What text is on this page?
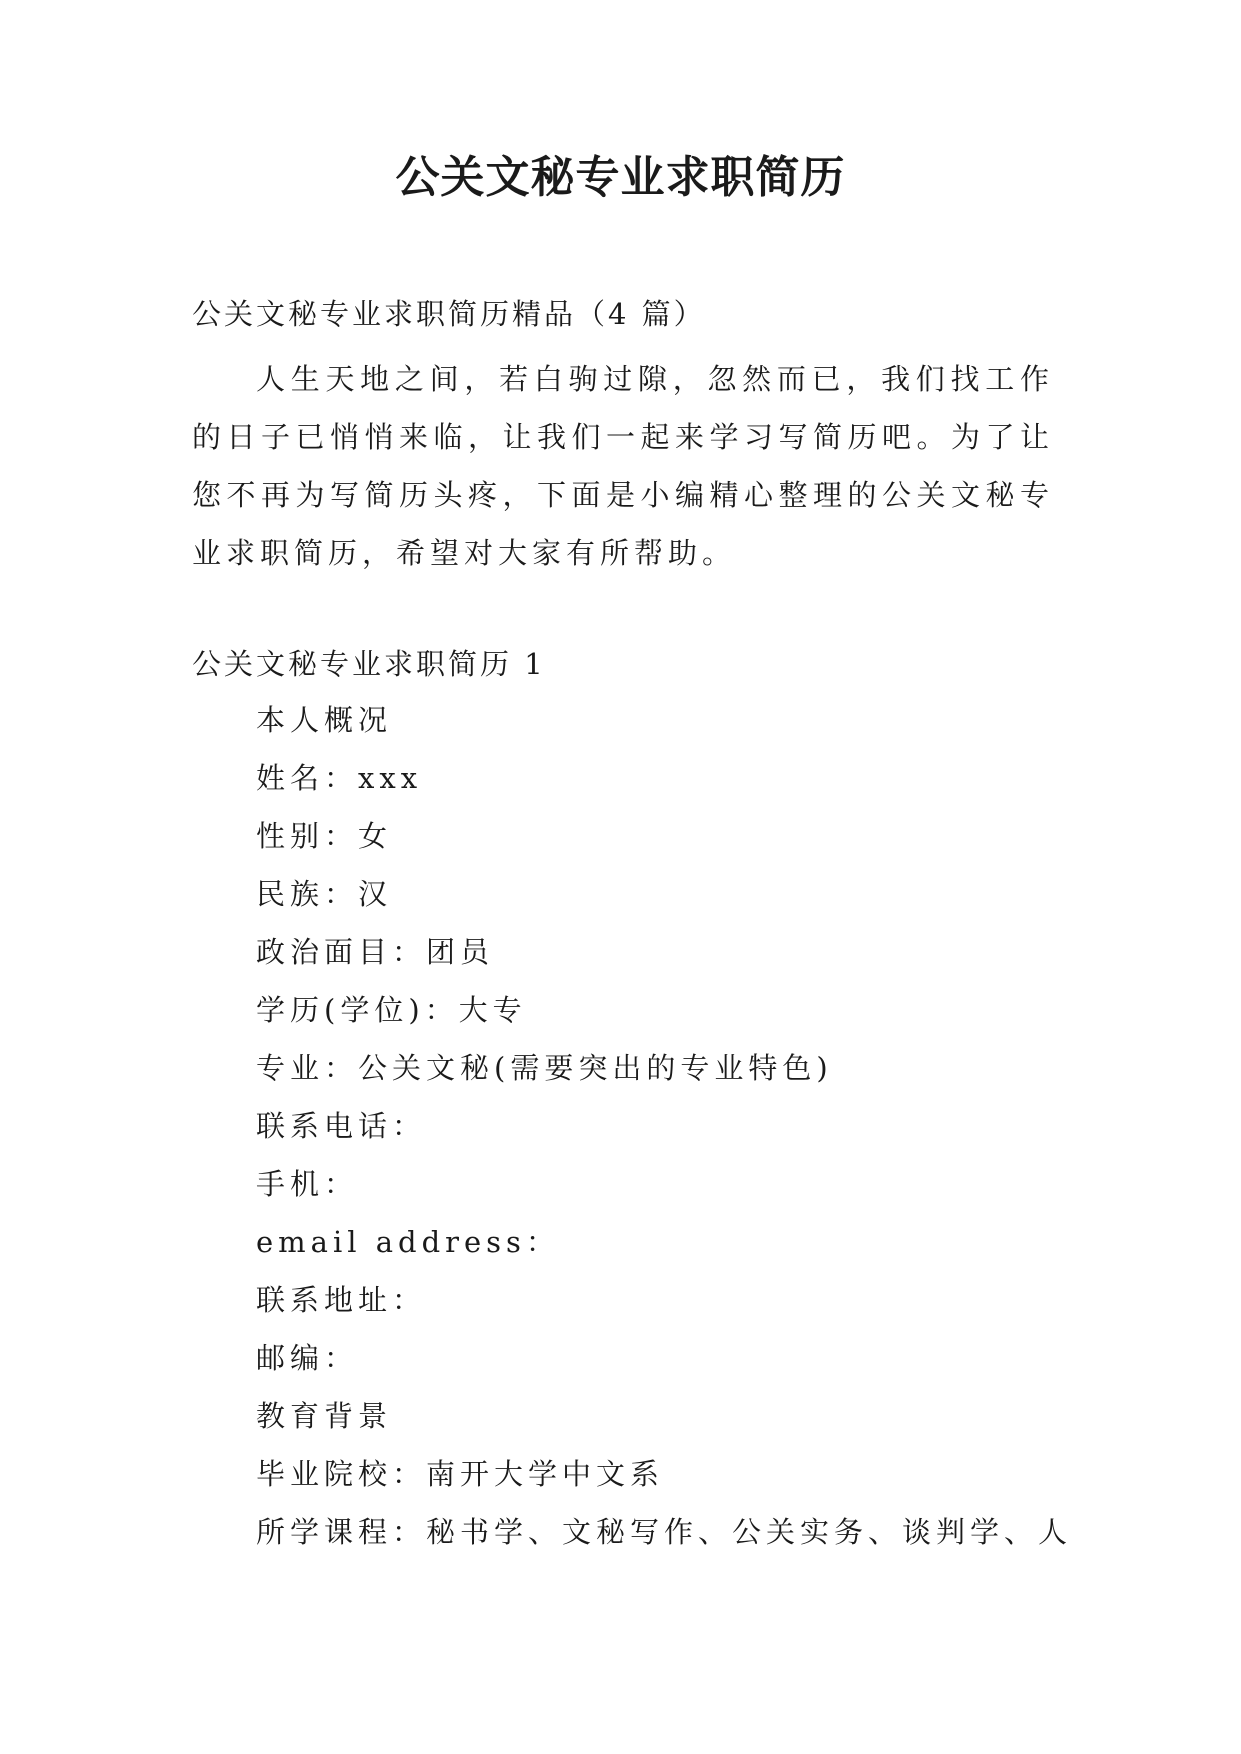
公关文秘专业求职简历
公关文秘专业求职简历精品（4 篇）

人生天地之间，若白驹过隙，忽然而已，我们找工作的日子已悄悄来临，让我们一起来学习写简历吧。为了让您不再为写简历头疼，下面是小编精心整理的公关文秘专业求职简历，希望对大家有所帮助。

公关文秘专业求职简历 1
本人概况
姓名：xxx
性别：女
民族：汉
政治面目：团员
学历(学位)：大专
专业：公关文秘(需要突出的专业特色)
联系电话：
手机：
email address：
联系地址：
邮编：
教育背景
毕业院校：南开大学中文系
所学课程：秘书学、文秘写作、公关实务、谈判学、人
